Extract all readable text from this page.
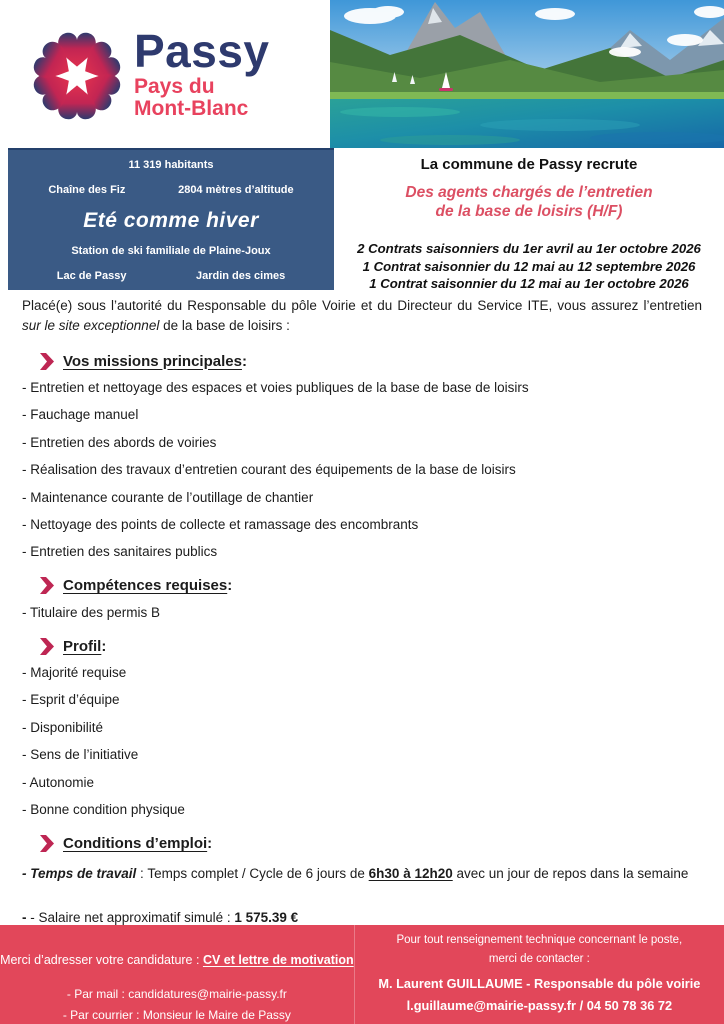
Passy
Pays du
Mont-Blanc
11 319 habitants
Chaîne des Fiz	2804 mètres d’altitude
Eté comme hiver
Station de ski familiale de Plaine-Joux
Lac de Passy	Jardin des cimes
La commune de Passy recrute
Des agents chargés de l’entretien
de la base de loisirs (H/F)
2 Contrats saisonniers du 1er avril au 1er octobre 2026
1 Contrat saisonnier du 12 mai au 12 septembre 2026
1 Contrat saisonnier du 12 mai au 1er octobre 2026

Placé(e) sous l’autorité du Responsable du pôle Voirie et du Directeur du Service ITE, vous assurez l’entretien sur le site exceptionnel de la base de loisirs :

Vos missions principales :
- Entretien et nettoyage des espaces et voies publiques de la base de base de loisirs
- Fauchage manuel
- Entretien des abords de voiries
- Réalisation des travaux d’entretien courant des équipements de la base de loisirs
- Maintenance courante de l’outillage de chantier
- Nettoyage des points de collecte et ramassage des encombrants
- Entretien des sanitaires publics
Compétences requises :
- Titulaire des permis B
Profil :
- Majorité requise
- Esprit d’équipe
- Disponibilité
- Sens de l’initiative
- Autonomie
- Bonne condition physique
Conditions d’emploi :

- Temps de travail : Temps complet / Cycle de 6 jours de 6h30 à 12h20 avec un jour de repos dans la semaine

- - Salaire net approximatif simulé : 1 575.39 €

Merci d’adresser votre candidature : CV et lettre de motivation
- Par mail : candidatures@mairie-passy.fr
- Par courrier : Monsieur le Maire de Passy
Pour tout renseignement technique concernant le poste,
merci de contacter :
M. Laurent GUILLAUME - Responsable du pôle voirie
l.guillaume@mairie-passy.fr / 04 50 78 36 72
